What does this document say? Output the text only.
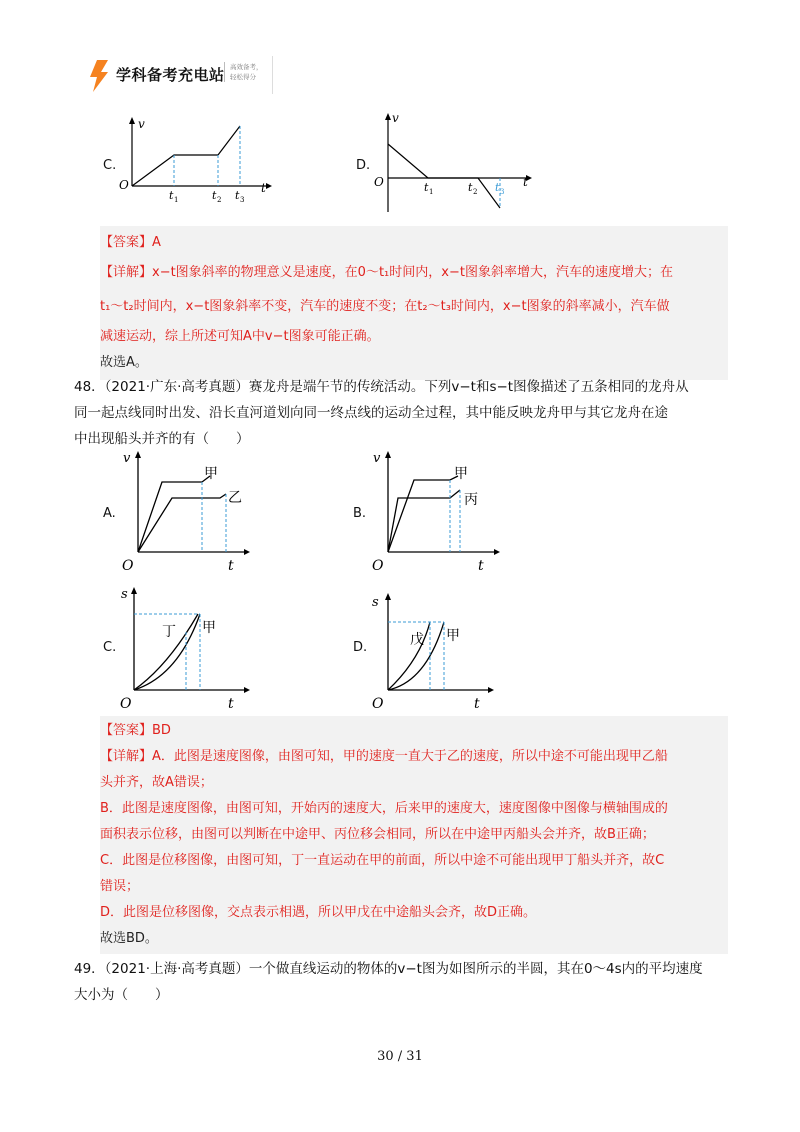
学科备考充电站 高效备考，
轻松得分
C.
v
O	t
t 1	t 2 t 3
D.
v
O	t
t 1	t 2 t 3

【答案】A

【详解】x−t图象斜率的物理意义是速度，在0～t₁时间内，x−t图象斜率增大，汽车的速度增大；在

t₁～t₂时间内，x−t图象斜率不变，汽车的速度不变；在t₂～t₃时间内，x−t图象的斜率减小，汽车做

减速运动，综上所述可知A中v−t图象可能正确。

故选A。

48．（2021·广东·高考真题）赛龙舟是端午节的传统活动。下列v−t和s−t图像描述了五条相同的龙舟从
同一起点线同时出发、沿长直河道划向同一终点线的运动全过程，其中能反映龙舟甲与其它龙舟在途
中出现船头并齐的有（　　）
A.
v
O	t
甲
乙
B.
v
O	t
甲
丙
C.
s
O	t
丁 甲
D.
s
O	t
戊 甲

【答案】BD

【详解】A．此图是速度图像，由图可知，甲的速度一直大于乙的速度，所以中途不可能出现甲乙船

头并齐，故A错误；

B．此图是速度图像，由图可知，开始丙的速度大，后来甲的速度大，速度图像中图像与横轴围成的

面积表示位移，由图可以判断在中途甲、丙位移会相同，所以在中途甲丙船头会并齐，故B正确；

C．此图是位移图像，由图可知，丁一直运动在甲的前面，所以中途不可能出现甲丁船头并齐，故C

错误；

D．此图是位移图像，交点表示相遇，所以甲戊在中途船头会齐，故D正确。

故选BD。

49．（2021·上海·高考真题）一个做直线运动的物体的v−t图为如图所示的半圆，其在0～4s内的平均速度
大小为（　　）
30 / 31
